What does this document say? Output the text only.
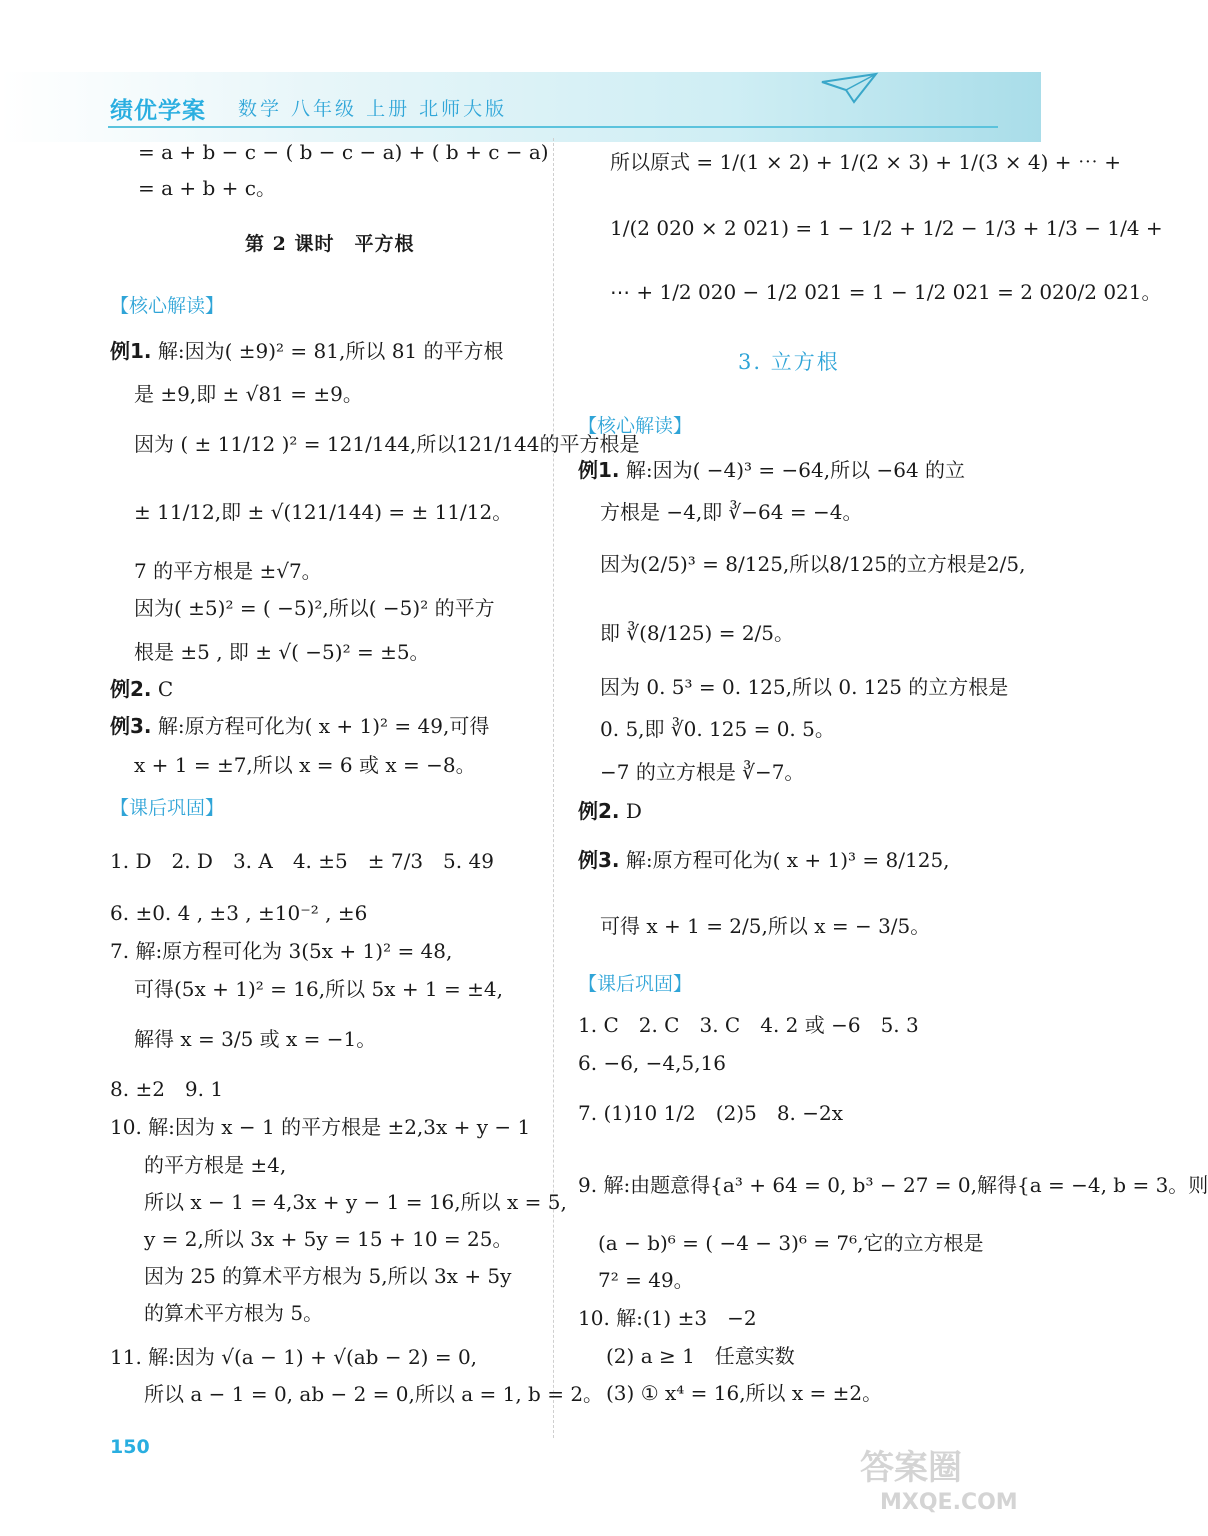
绩优学案 数学 八年级 上册 北师大版
= a + b − c − ( b − c − a) + ( b + c − a)
= a + b + c。
第 2 课时　平方根
【核心解读】
例1. 解:因为( ±9)² = 81,所以 81 的平方根
是 ±9,即 ± √81 = ±9。
因为 ( ± 11/12 )² = 121/144,所以121/144的平方根是
± 11/12,即 ± √(121/144) = ± 11/12。
7 的平方根是 ±√7。
因为( ±5)² = ( −5)²,所以( −5)² 的平方
根是 ±5 , 即 ± √( −5)² = ±5。
例2. C
例3. 解:原方程可化为( x + 1)² = 49,可得
x + 1 = ±7,所以 x = 6 或 x = −8。
【课后巩固】
1. D　2. D　3. A　4. ±5　± 7/3　5. 49
6. ±0. 4 , ±3 , ±10⁻² , ±6
7. 解:原方程可化为 3(5x + 1)² = 48,
可得(5x + 1)² = 16,所以 5x + 1 = ±4,
解得 x = 3/5 或 x = −1。
8. ±2　9. 1
10. 解:因为 x − 1 的平方根是 ±2,3x + y − 1
的平方根是 ±4,
所以 x − 1 = 4,3x + y − 1 = 16,所以 x = 5,
y = 2,所以 3x + 5y = 15 + 10 = 25。
因为 25 的算术平方根为 5,所以 3x + 5y
的算术平方根为 5。
11. 解:因为 √(a − 1) + √(ab − 2) = 0,
所以 a − 1 = 0, ab − 2 = 0,所以 a = 1, b = 2。
所以原式 = 1/(1 × 2) + 1/(2 × 3) + 1/(3 × 4) + ⋯ +
1/(2 020 × 2 021) = 1 − 1/2 + 1/2 − 1/3 + 1/3 − 1/4 +
⋯ + 1/2 020 − 1/2 021 = 1 − 1/2 021 = 2 020/2 021。
3. 立方根
【核心解读】
例1. 解:因为( −4)³ = −64,所以 −64 的立
方根是 −4,即 ∛−64 = −4。
因为(2/5)³ = 8/125,所以8/125的立方根是2/5,
即 ∛(8/125) = 2/5。
因为 0. 5³ = 0. 125,所以 0. 125 的立方根是
0. 5,即 ∛0. 125 = 0. 5。
−7 的立方根是 ∛−7。
例2. D
例3. 解:原方程可化为( x + 1)³ = 8/125,
可得 x + 1 = 2/5,所以 x = − 3/5。
【课后巩固】
1. C　2. C　3. C　4. 2 或 −6　5. 3
6. −6, −4,5,16
7. (1)10 1/2　(2)5　8. −2x
9. 解:由题意得{a³ + 64 = 0, b³ − 27 = 0,解得{a = −4, b = 3。则
(a − b)⁶ = ( −4 − 3)⁶ = 7⁶,它的立方根是
7² = 49。
10. 解:(1) ±3　−2
(2) a ≥ 1　任意实数
(3) ① x⁴ = 16,所以 x = ±2。
150
答案圈
MXQE.COM
